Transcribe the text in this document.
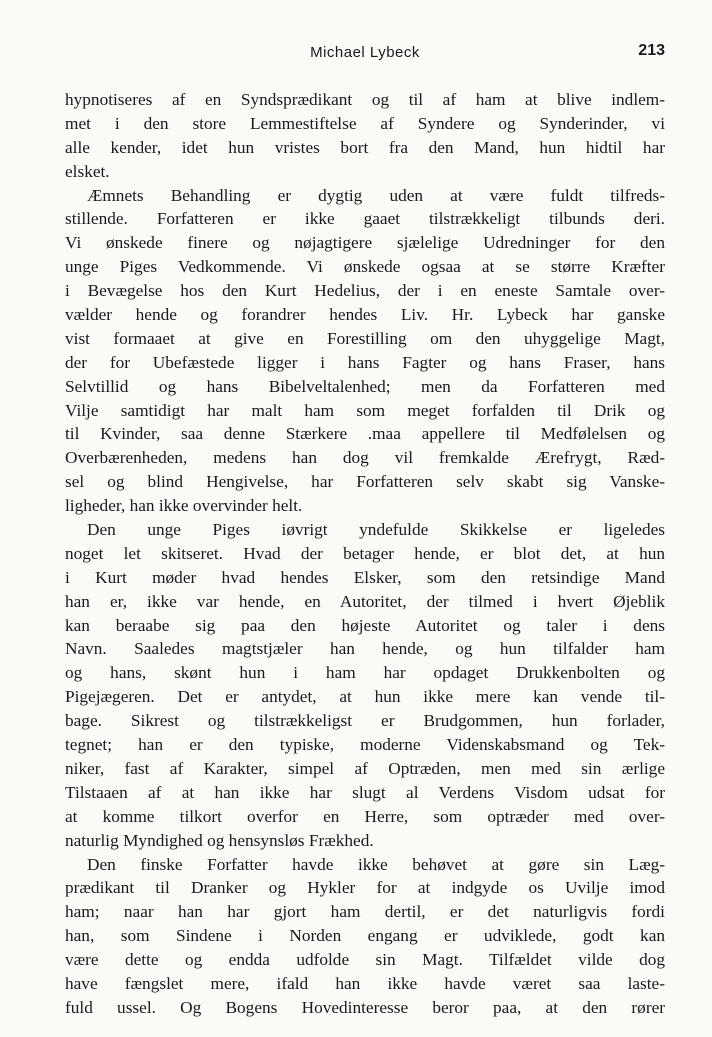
Michael Lybeck	213
hypnotiseres af en Syndsprædikant og til af ham at blive indlem-
met i den store Lemmestiftelse af Syndere og Synderinder, vi
alle kender, idet hun vristes bort fra den Mand, hun hidtil har
elsket.
Æmnets Behandling er dygtig uden at være fuldt tilfreds-
stillende. Forfatteren er ikke gaaet tilstrækkeligt tilbunds deri.
Vi ønskede finere og nøjagtigere sjælelige Udredninger for den
unge Piges Vedkommende. Vi ønskede ogsaa at se større Kræfter
i Bevægelse hos den Kurt Hedelius, der i en eneste Samtale over-
vælder hende og forandrer hendes Liv. Hr. Lybeck har ganske
vist formaaet at give en Forestilling om den uhyggelige Magt,
der for Ubefæstede ligger i hans Fagter og hans Fraser, hans
Selvtillid og hans Bibelveltalenhed; men da Forfatteren med
Vilje samtidigt har malt ham som meget forfalden til Drik og
til Kvinder, saa denne Stærkere .maa appellere til Medfølelsen og
Overbærenheden, medens han dog vil fremkalde Ærefrygt, Ræd-
sel og blind Hengivelse, har Forfatteren selv skabt sig Vanske-
ligheder, han ikke overvinder helt.
Den unge Piges iøvrigt yndefulde Skikkelse er ligeledes
noget let skitseret. Hvad der betager hende, er blot det, at hun
i Kurt møder hvad hendes Elsker, som den retsindige Mand
han er, ikke var hende, en Autoritet, der tilmed i hvert Øjeblik
kan beraabe sig paa den højeste Autoritet og taler i dens
Navn. Saaledes magtstjæler han hende, og hun tilfalder ham
og hans, skønt hun i ham har opdaget Drukkenbolten og
Pigejægeren. Det er antydet, at hun ikke mere kan vende til-
bage. Sikrest og tilstrækkeligst er Brudgommen, hun forlader,
tegnet; han er den typiske, moderne Videnskabsmand og Tek-
niker, fast af Karakter, simpel af Optræden, men med sin ærlige
Tilstaaen af at han ikke har slugt al Verdens Visdom udsat for
at komme tilkort overfor en Herre, som optræder med over-
naturlig Myndighed og hensynsløs Frækhed.
Den finske Forfatter havde ikke behøvet at gøre sin Læg-
prædikant til Dranker og Hykler for at indgyde os Uvilje imod
ham; naar han har gjort ham dertil, er det naturligvis fordi
han, som Sindene i Norden engang er udviklede, godt kan
være dette og endda udfolde sin Magt. Tilfældet vilde dog
have fængslet mere, ifald han ikke havde været saa laste-
fuld ussel. Og Bogens Hovedinteresse beror paa, at den rører
